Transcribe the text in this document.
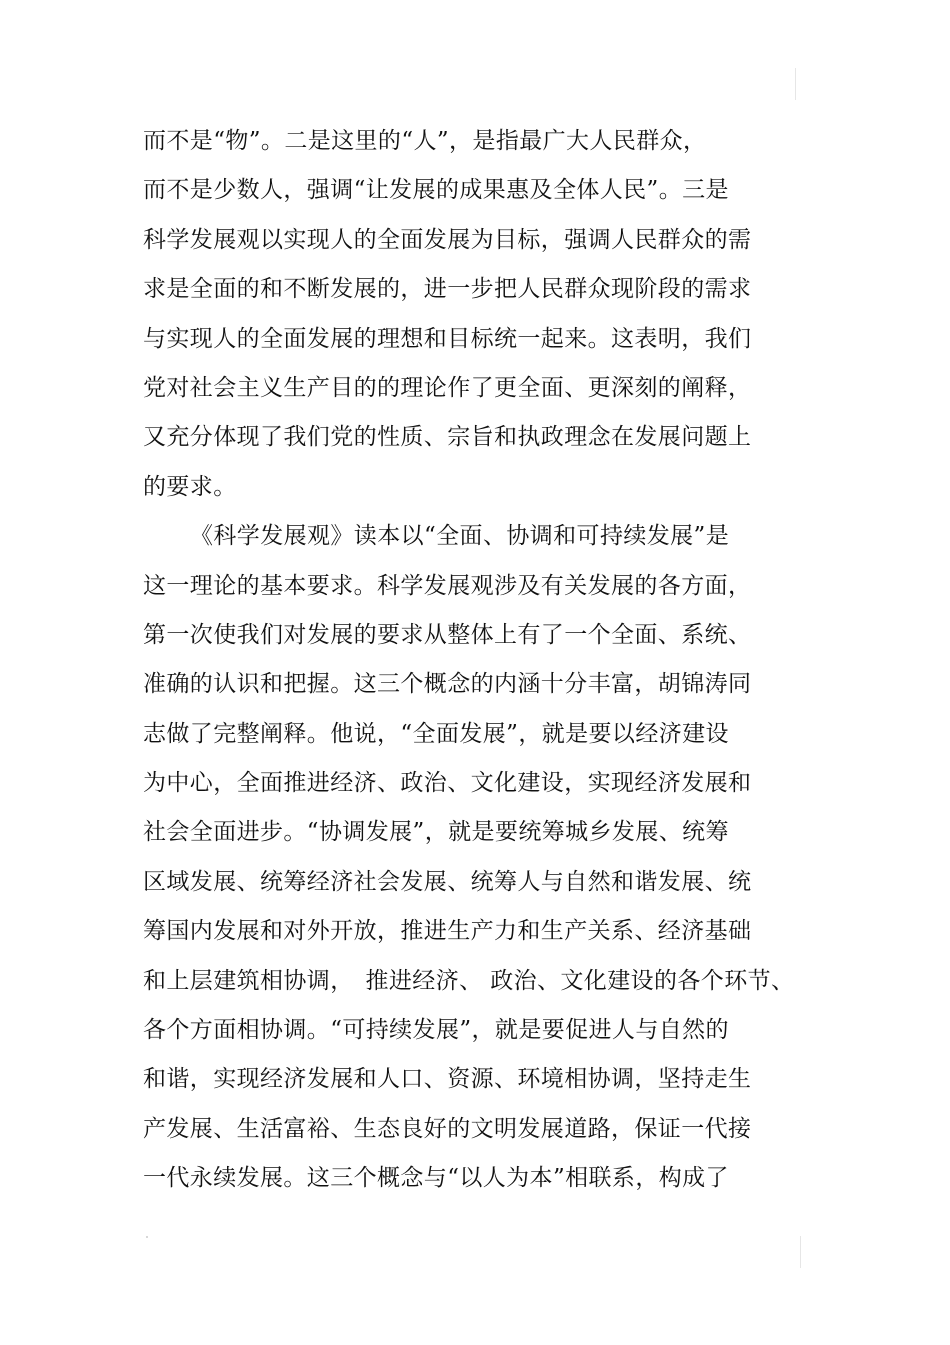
而不是“物”。二是这里的“人”，是指最广大人民群众，
而不是少数人，强调“让发展的成果惠及全体人民”。三是
科学发展观以实现人的全面发展为目标，强调人民群众的需
求是全面的和不断发展的，进一步把人民群众现阶段的需求
与实现人的全面发展的理想和目标统一起来。这表明，我们
党对社会主义生产目的的理论作了更全面、更深刻的阐释，
又充分体现了我们党的性质、宗旨和执政理念在发展问题上
的要求。
《科学发展观》读本以“全面、协调和可持续发展”是
这一理论的基本要求。科学发展观涉及有关发展的各方面，
第一次使我们对发展的要求从整体上有了一个全面、系统、
准确的认识和把握。这三个概念的内涵十分丰富，胡锦涛同
志做了完整阐释。他说，“全面发展”，就是要以经济建设
为中心，全面推进经济、政治、文化建设，实现经济发展和
社会全面进步。“协调发展”，就是要统筹城乡发展、统筹
区域发展、统筹经济社会发展、统筹人与自然和谐发展、统
筹国内发展和对外开放，推进生产力和生产关系、经济基础
和上层建筑相协调，　推进经济、 政治、文化建设的各个环节、
各个方面相协调。“可持续发展”，就是要促进人与自然的
和谐，实现经济发展和人口、资源、环境相协调，坚持走生
产发展、生活富裕、生态良好的文明发展道路，保证一代接
一代永续发展。这三个概念与“以人为本”相联系，构成了
